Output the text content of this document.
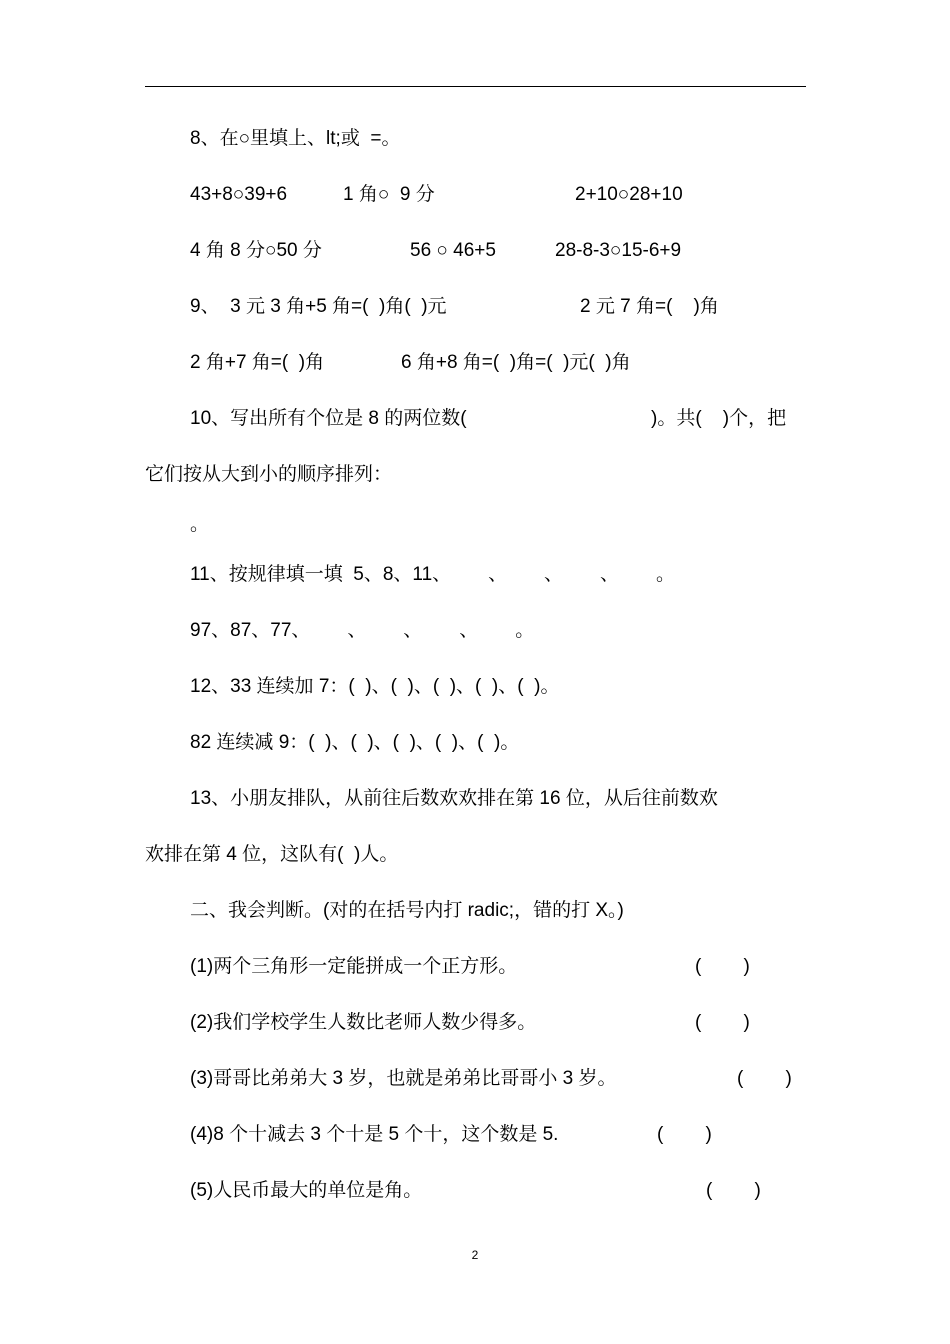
8、在○里填上、lt;或  =。
43+8○39+6	1 角○  9 分	2+10○28+10
4 角 8 分○50 分	56 ○ 46+5	28-8-3○15-6+9
9、  3 元 3 角+5 角=(  )角(  )元	2 元 7 角=(    )角
2 角+7 角=(  )角	6 角+8 角=(  )角=(  )元(  )角
10、写出所有个位是 8 的两位数(	)。共(    )个，把
它们按从大到小的顺序排列：
。
11、按规律填一填  5、8、11、       、       、       、       。
97、87、77、       、       、       、       。
12、33 连续加 7：(  )、(  )、(  )、(  )、(  )。
82 连续减 9：(  )、(  )、(  )、(  )、(  )。
13、小朋友排队，从前往后数欢欢排在第 16 位，从后往前数欢
欢排在第 4 位，这队有(  )人。
二、我会判断。(对的在括号内打 radic;，错的打 X。)
(1)两个三角形一定能拼成一个正方形。	(        )
(2)我们学校学生人数比老师人数少得多。	(        )
(3)哥哥比弟弟大 3 岁，也就是弟弟比哥哥小 3 岁。	(        )
(4)8 个十减去 3 个十是 5 个十，这个数是 5.	(        )
(5)人民币最大的单位是角。	(        )
2
